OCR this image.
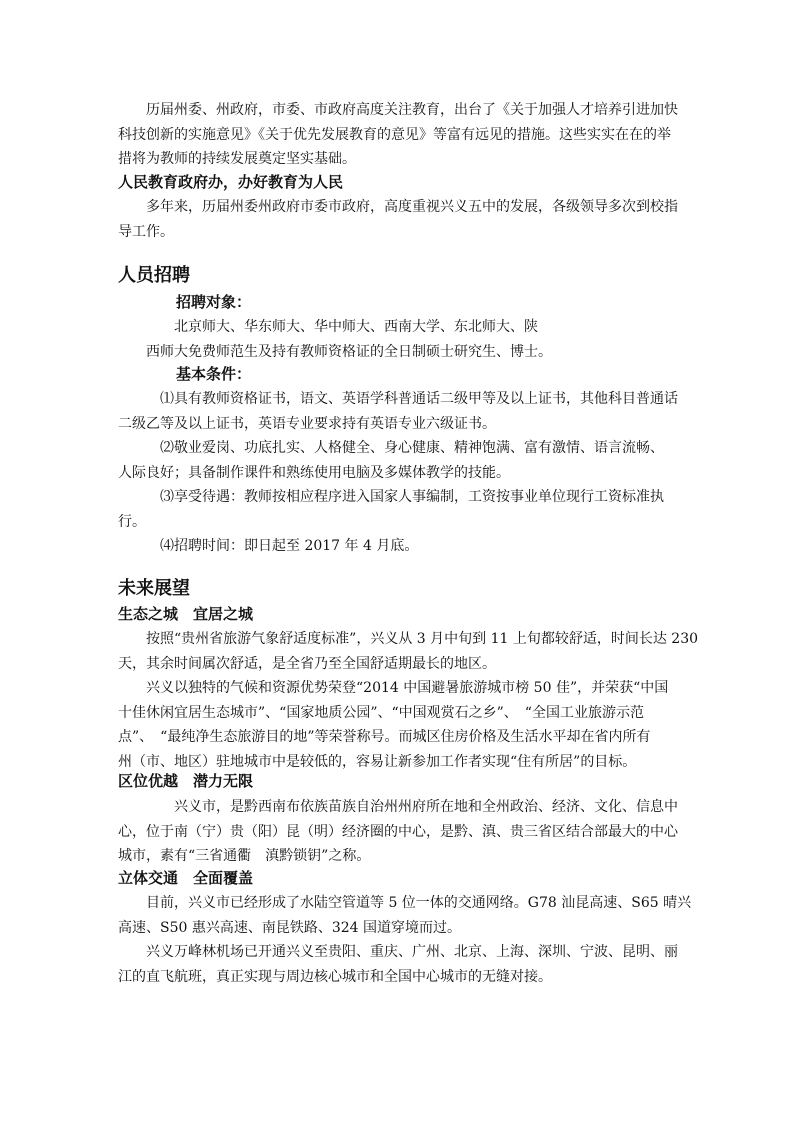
历届州委、州政府，市委、市政府高度关注教育，出台了《关于加强人才培养引进加快
科技创新的实施意见》《关于优先发展教育的意见》等富有远见的措施。这些实实在在的举
措将为教师的持续发展奠定坚实基础。
人民教育政府办，办好教育为人民
多年来，历届州委州政府市委市政府，高度重视兴义五中的发展，各级领导多次到校指
导工作。
人员招聘
招聘对象：
北京师大、华东师大、华中师大、西南大学、东北师大、陕
西师大免费师范生及持有教师资格证的全日制硕士研究生、博士。
基本条件：
⑴具有教师资格证书，语文、英语学科普通话二级甲等及以上证书，其他科目普通话
二级乙等及以上证书，英语专业要求持有英语专业六级证书。
⑵敬业爱岗、功底扎实、人格健全、身心健康、精神饱满、富有激情、语言流畅、
人际良好；具备制作课件和熟练使用电脑及多媒体教学的技能。
⑶享受待遇：教师按相应程序进入国家人事编制，工资按事业单位现行工资标准执
行。
⑷招聘时间：即日起至 2017 年 4 月底。
未来展望
生态之城　宜居之城
按照“贵州省旅游气象舒适度标准”，兴义从 3 月中旬到 11 上旬都较舒适，时间长达 230
天，其余时间属次舒适，是全省乃至全国舒适期最长的地区。
兴义以独特的气候和资源优势荣登“2014 中国避暑旅游城市榜 50 佳”，并荣获“中国
十佳休闲宜居生态城市”、“国家地质公园”、“中国观赏石之乡”、　“全国工业旅游示范
点”、　“最纯净生态旅游目的地”等荣誉称号。而城区住房价格及生活水平却在省内所有
州（市、地区）驻地城市中是较低的，容易让新参加工作者实现“住有所居”的目标。
区位优越　潜力无限
兴义市，是黔西南布依族苗族自治州州府所在地和全州政治、经济、文化、信息中
心，位于南（宁）贵（阳）昆（明）经济圈的中心，是黔、滇、贵三省区结合部最大的中心
城市，素有“三省通衢　滇黔锁钥”之称。
立体交通　全面覆盖
目前，兴义市已经形成了水陆空管道等 5 位一体的交通网络。G78 汕昆高速、S65 晴兴
高速、S50 惠兴高速、南昆铁路、324 国道穿境而过。
兴义万峰林机场已开通兴义至贵阳、重庆、广州、北京、上海、深圳、宁波、昆明、丽
江的直飞航班，真正实现与周边核心城市和全国中心城市的无缝对接。
